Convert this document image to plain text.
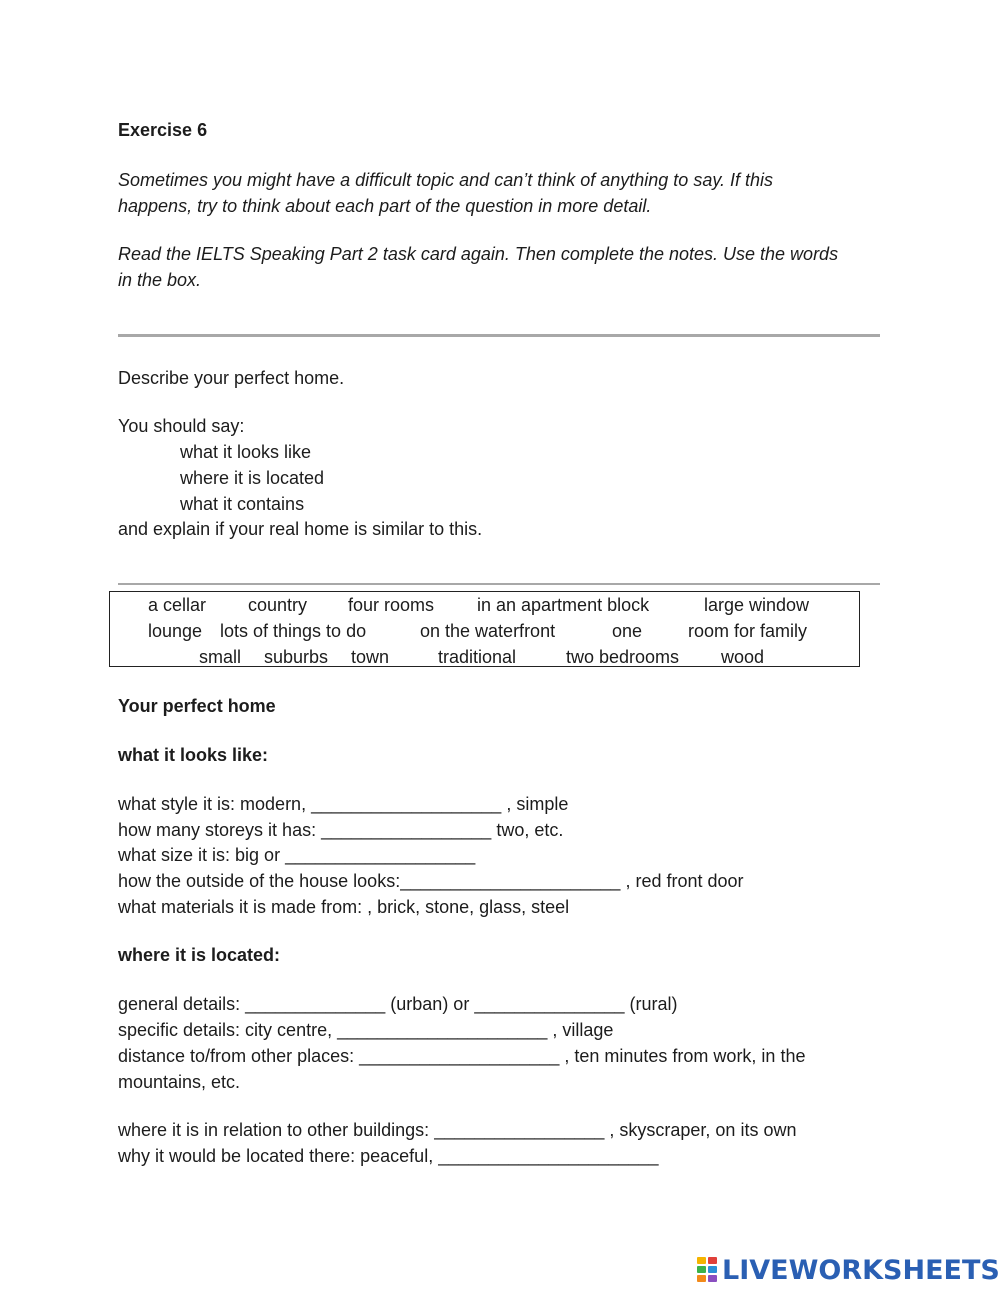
Exercise 6
Sometimes you might have a difficult topic and can’t think of anything to say. If this
happens, try to think about each part of the question in more detail.
Read the IELTS Speaking Part 2 task card again. Then complete the notes. Use the words
in the box.
Describe your perfect home.
You should say:
what it looks like
where it is located
what it contains
and explain if your real home is similar to this.
a cellar country four rooms in an apartment block	large window
lounge lots of things to do	on the waterfront	one	room for family
small suburbs town	traditional	two bedrooms wood
Your perfect home
what it looks like:
what style it is: modern, ___________________ , simple
how many storeys it has: _________________ two, etc.
what size it is: big or ___________________
how the outside of the house looks:______________________ , red front door
what materials it is made from: , brick, stone, glass, steel
where it is located:
general details: ______________ (urban) or _______________ (rural)
specific details: city centre, _____________________ , village
distance to/from other places: ____________________ , ten minutes from work, in the
mountains, etc.
where it is in relation to other buildings: _________________ , skyscraper, on its own
why it would be located there: peaceful, ______________________
LIVEWORKSHEETS
